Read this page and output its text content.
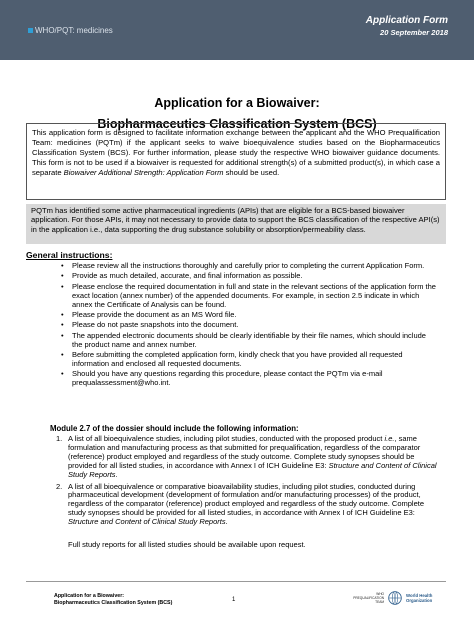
WHO/PQT: medicines
Application Form
20 September 2018
Application for a Biowaiver:
Biopharmaceutics Classification System (BCS)
This application form is designed to facilitate information exchange between the applicant and the WHO Prequalification Team: medicines (PQTm) if the applicant seeks to waive bioequivalence studies based on the Biopharmaceutics Classification System (BCS). For further information, please study the respective WHO biowaiver guidance documents. This form is not to be used if a biowaiver is requested for additional strength(s) of a submitted product(s), in which case a separate Biowaiver Additional Strength: Application Form should be used.
PQTm has identified some active pharmaceutical ingredients (APIs) that are eligible for a BCS-based biowaiver application. For those APIs, it may not necessary to provide data to support the BCS classification of the respective API(s) in the application i.e., data supporting the drug substance solubility or absorption/permeability class.
General instructions:
• Please review all the instructions thoroughly and carefully prior to completing the current Application Form.
• Provide as much detailed, accurate, and final information as possible.
• Please enclose the required documentation in full and state in the relevant sections of the application form the exact location (annex number) of the appended documents. For example, in section 2.5 indicate in which annex the Certificate of Analysis can be found.
• Please provide the document as an MS Word file.
• Please do not paste snapshots into the document.
• The appended electronic documents should be clearly identifiable by their file names, which should include the product name and annex number.
• Before submitting the completed application form, kindly check that you have provided all requested information and enclosed all requested documents.
• Should you have any questions regarding this procedure, please contact the PQTm via e-mail prequalassessment@who.int.
Module 2.7 of the dossier should include the following information:
1. A list of all bioequivalence studies, including pilot studies, conducted with the proposed product i.e., same formulation and manufacturing process as that submitted for prequalification, regardless of the comparator (reference) product employed and regardless of the study outcome. Complete study synopses should be provided for all listed studies, in accordance with Annex I of ICH Guideline E3: Structure and Content of Clinical Study Reports.
2. A list of all bioequivalence or comparative bioavailability studies, including pilot studies, conducted during pharmaceutical development (development of formulation and/or manufacturing processes) of the product, regardless of the comparator (reference) product employed and regardless of the study outcome. Complete study synopses should be provided for all listed studies, in accordance with Annex I of ICH Guideline E3: Structure and Content of Clinical Study Reports.
Full study reports for all listed studies should be available upon request.
Application for a Biowaiver:
Biopharmaceutics Classification System (BCS)	1
WHO PREQUALIFICATION
TEAM
World Health
Organization
